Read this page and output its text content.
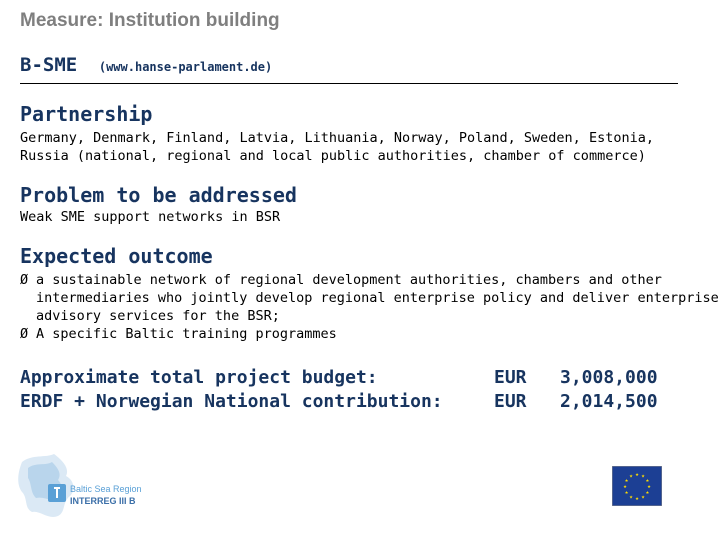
Measure: Institution building
B-SME (www.hanse-parlament.de)
Partnership
Germany, Denmark, Finland, Latvia, Lithuania, Norway, Poland, Sweden, Estonia,
Russia (national, regional and local public authorities, chamber of commerce)
Problem to be addressed
Weak SME support networks in BSR
Expected outcome
Ø a sustainable network of regional development authorities, chambers and other
intermediaries who jointly develop regional enterprise policy and deliver enterprise
advisory services for the BSR;
Ø A specific Baltic training programmes
Approximate total project budget:	EUR 3,008,000
ERDF + Norwegian National contribution:	EUR 2,014,500
Baltic Sea Region
INTERREG III B
★
★
★
★
★
★
★
★
★ ★ ★
★
